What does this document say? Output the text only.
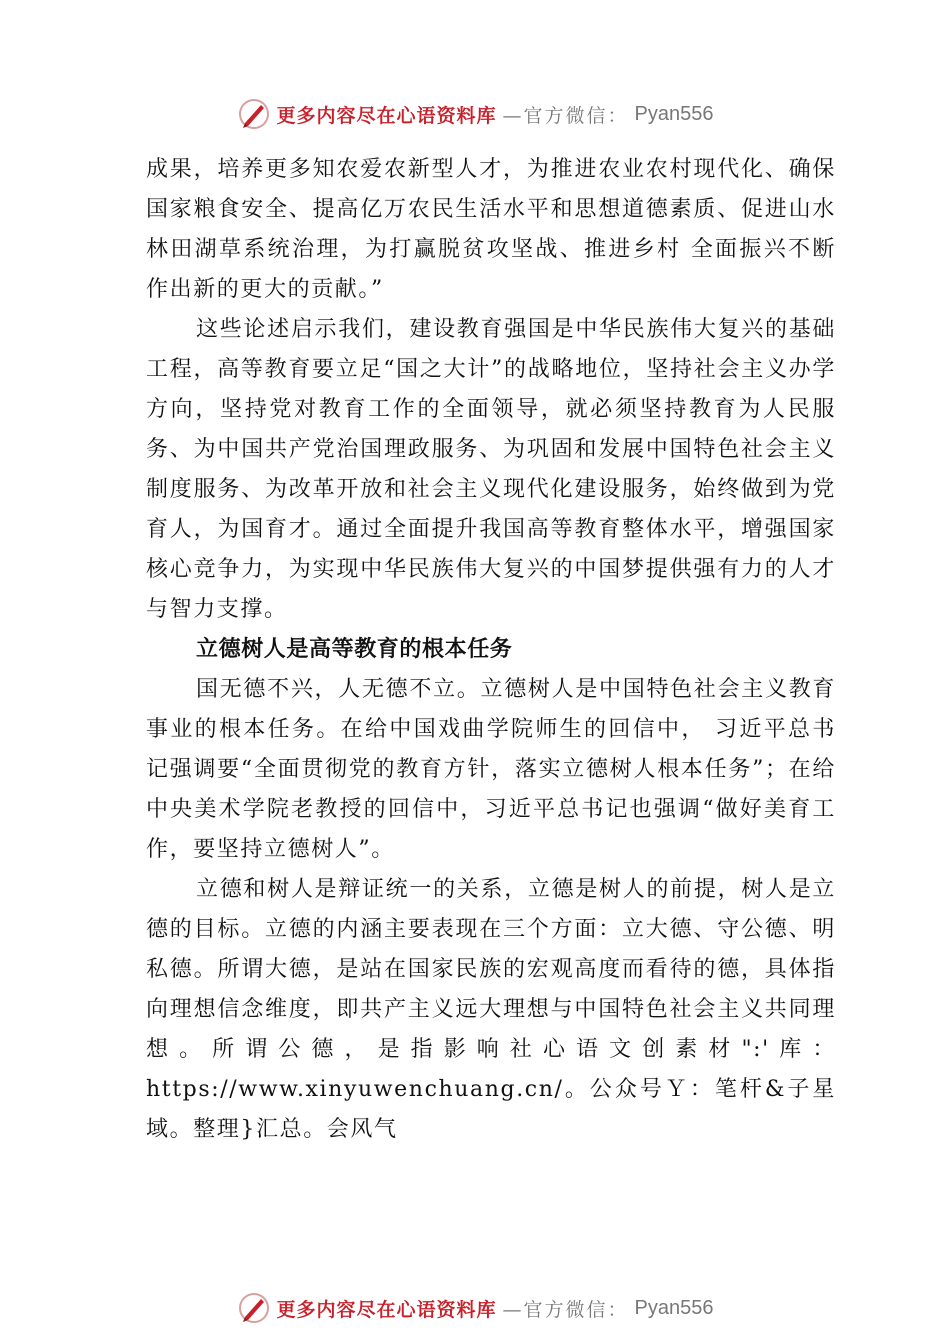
更多内容尽在心语资料库 —官方微信： Pyan556

成果，培养更多知农爱农新型人才，为推进农业农村现代化、确保国家粮食安全、提高亿万农民生活水平和思想道德素质、促进山水林田湖草系统治理，为打赢脱贫攻坚战、推进乡村 全面振兴不断作出新的更大的贡献。”

这些论述启示我们，建设教育强国是中华民族伟大复兴的基础工程，高等教育要立足“国之大计”的战略地位，坚持社会主义办学方向，坚持党对教育工作的全面领导，就必须坚持教育为人民服务、为中国共产党治国理政服务、为巩固和发展中国特色社会主义制度服务、为改革开放和社会主义现代化建设服务，始终做到为党育人，为国育才。通过全面提升我国高等教育整体水平，增强国家核心竞争力，为实现中华民族伟大复兴的中国梦提供强有力的人才与智力支撑。

立德树人是高等教育的根本任务

国无德不兴，人无德不立。立德树人是中国特色社会主义教育事业的根本任务。在给中国戏曲学院师生的回信中， 习近平总书记强调要“全面贯彻党的教育方针，落实立德树人根本任务”；在给中央美术学院老教授的回信中，习近平总书记也强调“做好美育工作，要坚持立德树人”。

立德和树人是辩证统一的关系，立德是树人的前提，树人是立德的目标。立德的内涵主要表现在三个方面：立大德、守公德、明私德。所谓大德，是站在国家民族的宏观高度而看待的德，具体指向理想信念维度，即共产主义远大理想与中国特色社会主义共同理想。所谓公德，是指影响社心语文创素材":'库：https://www.xinyuwenchuang.cn/。公众号Ｙ：笔杆&子星域。整理}汇总。会风气

更多内容尽在心语资料库 —官方微信： Pyan556
